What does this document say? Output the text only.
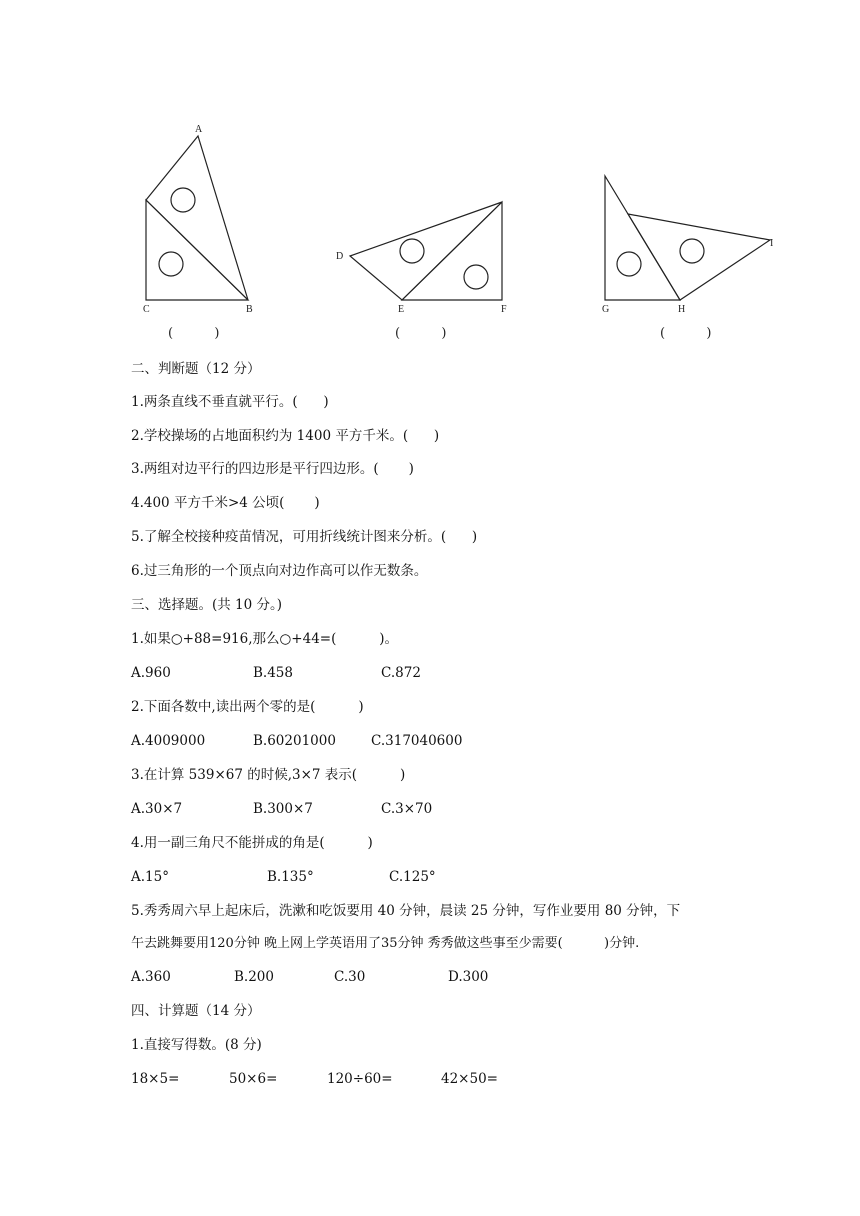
A
C	B
D
E	F	G	H
I
(          )	(          )	(          )
二、判断题（12 分）
1.两条直线不垂直就平行。(      )
2.学校操场的占地面积约为 1400 平方千米。(      )
3.两组对边平行的四边形是平行四边形。(       )
4.400 平方千米>4 公顷(       )
5.了解全校接种疫苗情况，可用折线统计图来分析。(      )
6.过三角形的一个顶点向对边作高可以作无数条。
三、选择题。(共 10 分。)
1.如果○+88=916,那么○+44=(          )。
A.960	B.458	C.872
2.下面各数中,读出两个零的是(          )
A.4009000	B.60201000	C.317040600
3.在计算 539×67 的时候,3×7 表示(          )
A.30×7	B.300×7	C.3×70
4.用一副三角尺不能拼成的角是(          )
A.15°	B.135°	C.125°
5.秀秀周六早上起床后，洗漱和吃饭要用 40 分钟，晨读 25 分钟，写作业要用 80 分钟，下
午去跳舞要用120分钟 晚上网上学英语用了35分钟 秀秀做这些事至少需要(          )分钟.
A.360	B.200	C.30	D.300
四、计算题（14 分）
1.直接写得数。(8 分)
18×5=	50×6=	120÷60=	42×50=
